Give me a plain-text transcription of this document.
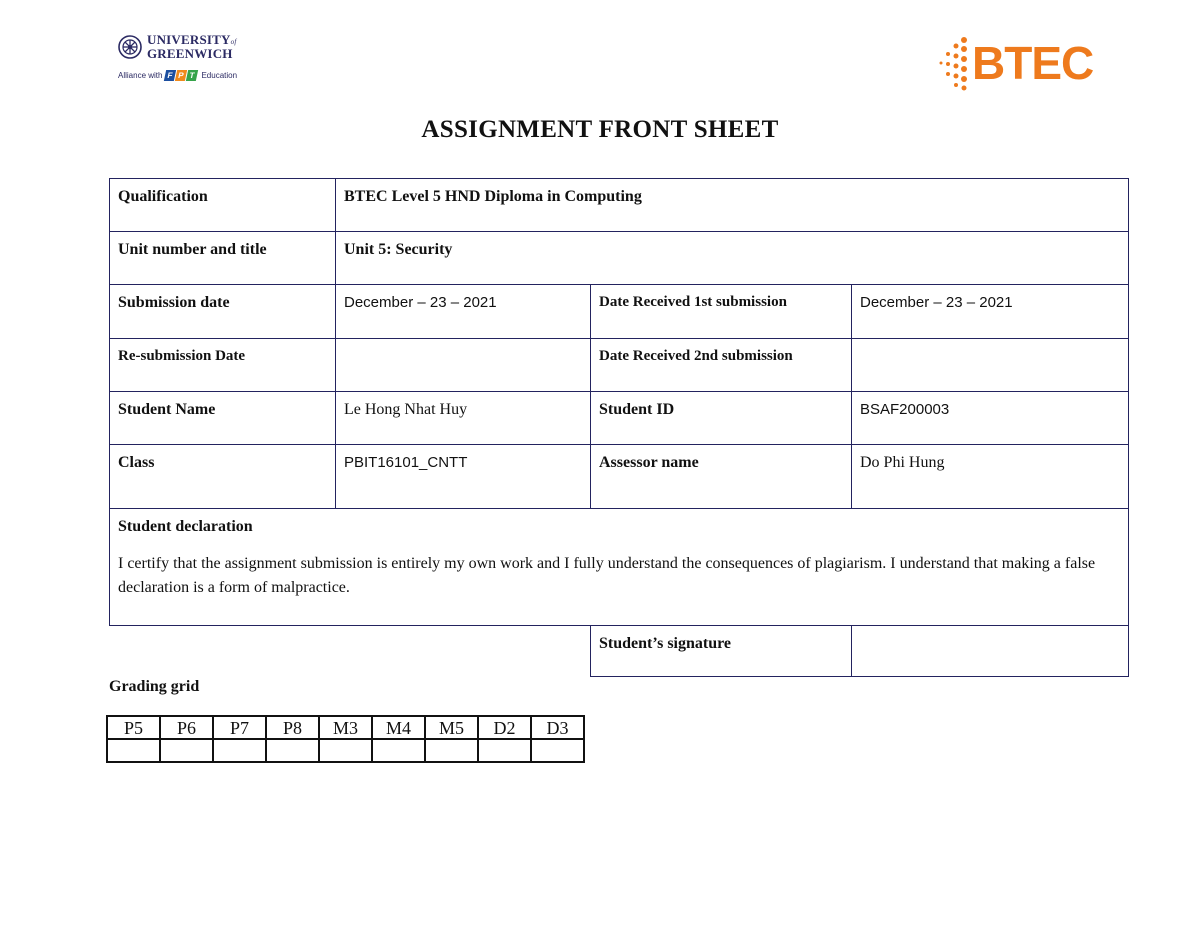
UNIVERSITYof
GREENWICH
Alliance with F P T Education	BTEC
ASSIGNMENT FRONT SHEET
Qualification	BTEC Level 5 HND Diploma in Computing		
Unit number and title	Unit 5: Security		
Submission date	December – 23 – 2021	Date Received 1st submission	December – 23 – 2021
Re-submission Date		Date Received 2nd submission	
Student Name	Le Hong Nhat Huy	Student ID	BSAF200003
Class	PBIT16101_CNTT	Assessor name	Do Phi Hung

Student declaration
I certify that the assignment submission is entirely my own work and I fully understand the consequences of plagiarism. I understand that making a false declaration is a form of malpractice.			

		Student’s signature	
Grading grid
P5	P6	P7	P8	M3	M4	M5	D2	D3
